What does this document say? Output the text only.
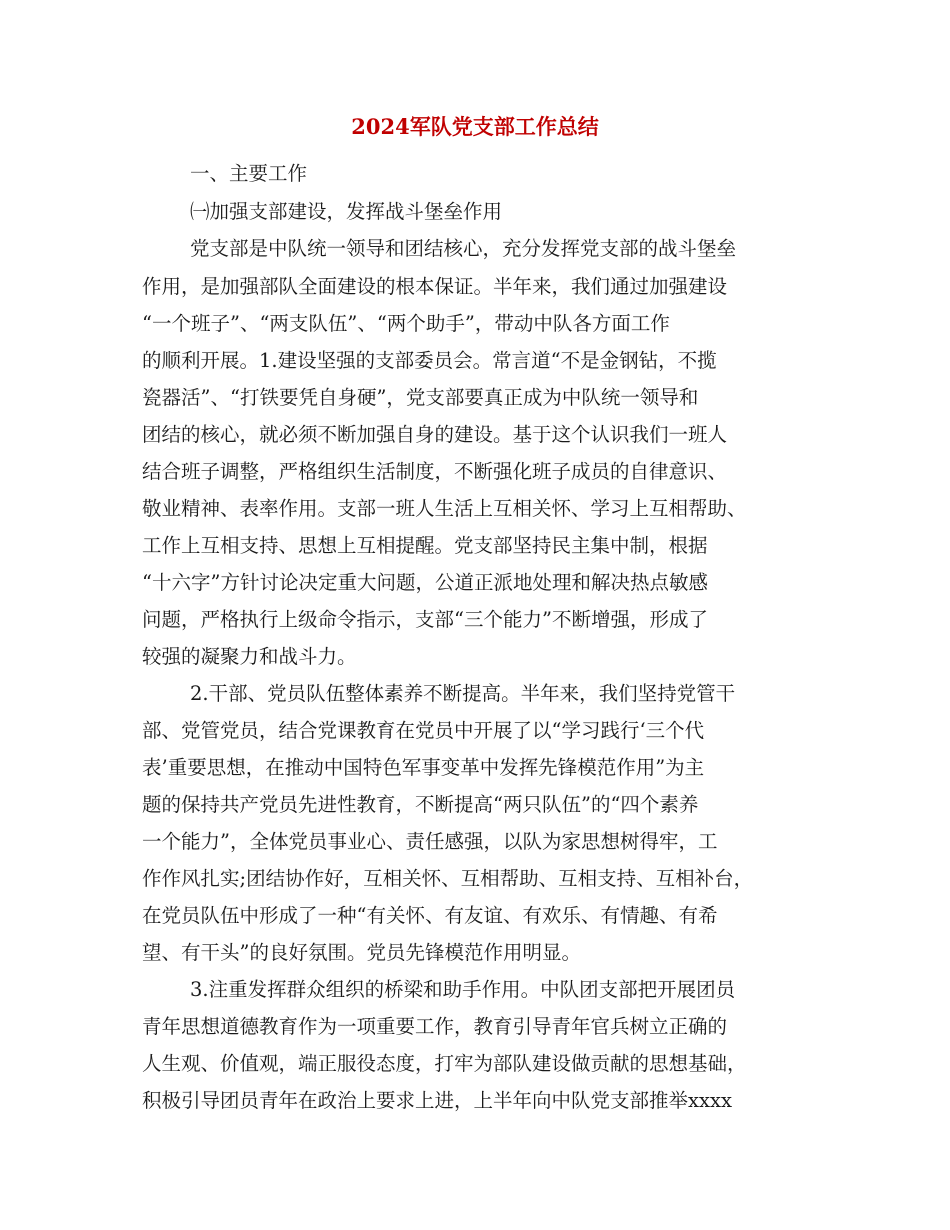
2024军队党支部工作总结

一、主要工作

㈠加强支部建设，发挥战斗堡垒作用

党支部是中队统一领导和团结核心，充分发挥党支部的战斗堡垒

作用，是加强部队全面建设的根本保证。半年来，我们通过加强建设

“一个班子”、“两支队伍”、“两个助手”，带动中队各方面工作

的顺利开展。1.建设坚强的支部委员会。常言道“不是金钢钻，不揽

瓷器活”、“打铁要凭自身硬”，党支部要真正成为中队统一领导和

团结的核心，就必须不断加强自身的建设。基于这个认识我们一班人

结合班子调整，严格组织生活制度，不断强化班子成员的自律意识、

敬业精神、表率作用。支部一班人生活上互相关怀、学习上互相帮助、

工作上互相支持、思想上互相提醒。党支部坚持民主集中制，根据

“十六字”方针讨论决定重大问题，公道正派地处理和解决热点敏感

问题，严格执行上级命令指示，支部“三个能力”不断增强，形成了

较强的凝聚力和战斗力。

2.干部、党员队伍整体素养不断提高。半年来，我们坚持党管干

部、党管党员，结合党课教育在党员中开展了以“学习践行‘三个代

表’重要思想，在推动中国特色军事变革中发挥先锋模范作用”为主

题的保持共产党员先进性教育，不断提高“两只队伍”的“四个素养

一个能力”，全体党员事业心、责任感强，以队为家思想树得牢，工

作作风扎实;团结协作好，互相关怀、互相帮助、互相支持、互相补台，

在党员队伍中形成了一种“有关怀、有友谊、有欢乐、有情趣、有希

望、有干头”的良好氛围。党员先锋模范作用明显。

3.注重发挥群众组织的桥梁和助手作用。中队团支部把开展团员

青年思想道德教育作为一项重要工作，教育引导青年官兵树立正确的

人生观、价值观，端正服役态度，打牢为部队建设做贡献的思想基础，

积极引导团员青年在政治上要求上进，上半年向中队党支部推举xxxx
